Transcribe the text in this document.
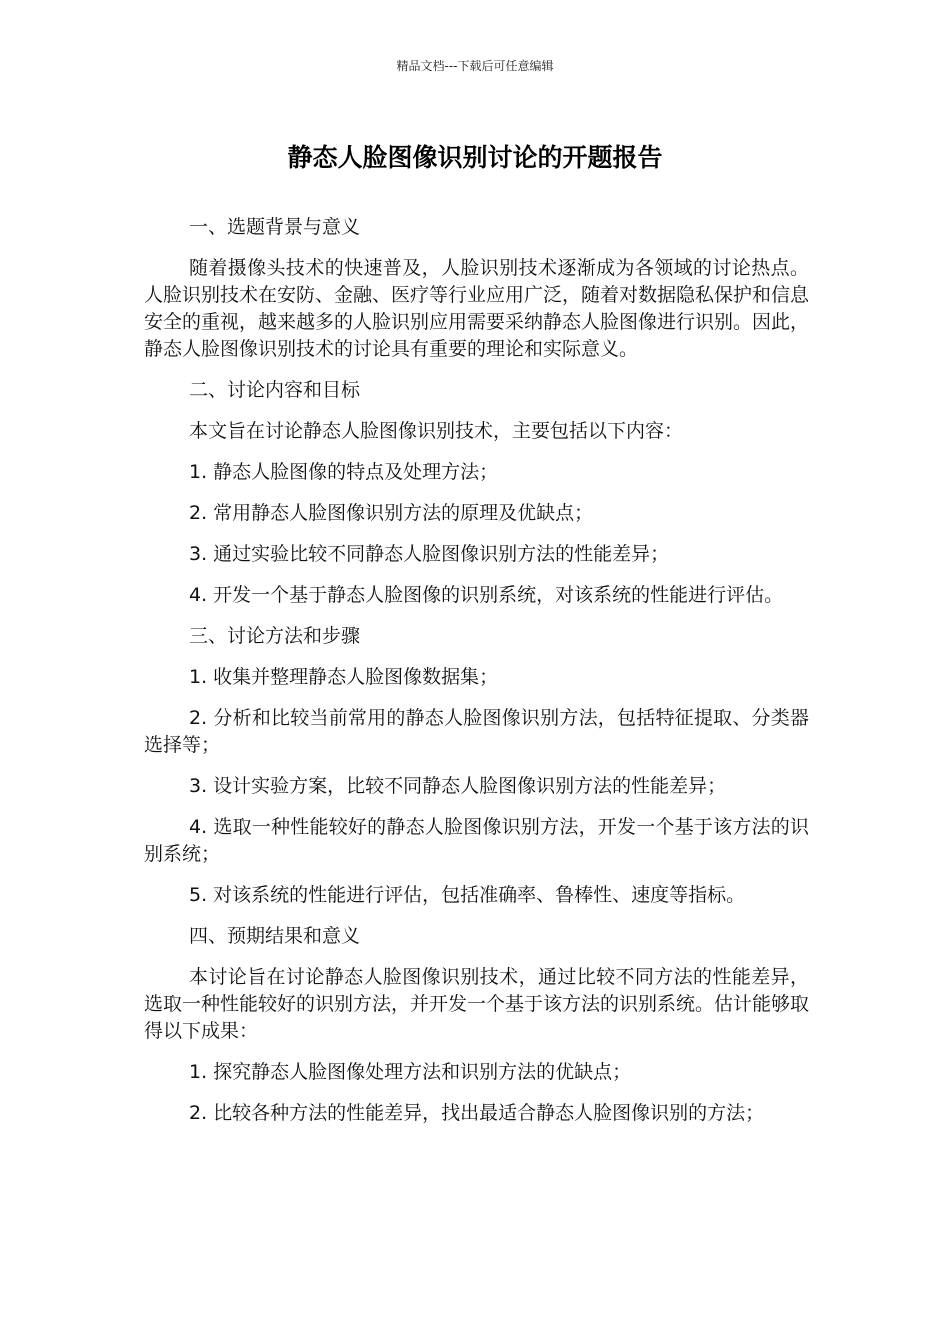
精品文档---下载后可任意编辑
静态人脸图像识别讨论的开题报告

一、选题背景与意义

随着摄像头技术的快速普及，人脸识别技术逐渐成为各领域的讨论热点。人脸识别技术在安防、金融、医疗等行业应用广泛，随着对数据隐私保护和信息安全的重视，越来越多的人脸识别应用需要采纳静态人脸图像进行识别。因此，静态人脸图像识别技术的讨论具有重要的理论和实际意义。

二、讨论内容和目标

本文旨在讨论静态人脸图像识别技术，主要包括以下内容：

1. 静态人脸图像的特点及处理方法；

2. 常用静态人脸图像识别方法的原理及优缺点；

3. 通过实验比较不同静态人脸图像识别方法的性能差异；

4. 开发一个基于静态人脸图像的识别系统，对该系统的性能进行评估。

三、讨论方法和步骤

1. 收集并整理静态人脸图像数据集；

2. 分析和比较当前常用的静态人脸图像识别方法，包括特征提取、分类器选择等；

3. 设计实验方案，比较不同静态人脸图像识别方法的性能差异；

4. 选取一种性能较好的静态人脸图像识别方法，开发一个基于该方法的识别系统；

5. 对该系统的性能进行评估，包括准确率、鲁棒性、速度等指标。

四、预期结果和意义

本讨论旨在讨论静态人脸图像识别技术，通过比较不同方法的性能差异，选取一种性能较好的识别方法，并开发一个基于该方法的识别系统。估计能够取得以下成果：

1. 探究静态人脸图像处理方法和识别方法的优缺点；

2. 比较各种方法的性能差异，找出最适合静态人脸图像识别的方法；
